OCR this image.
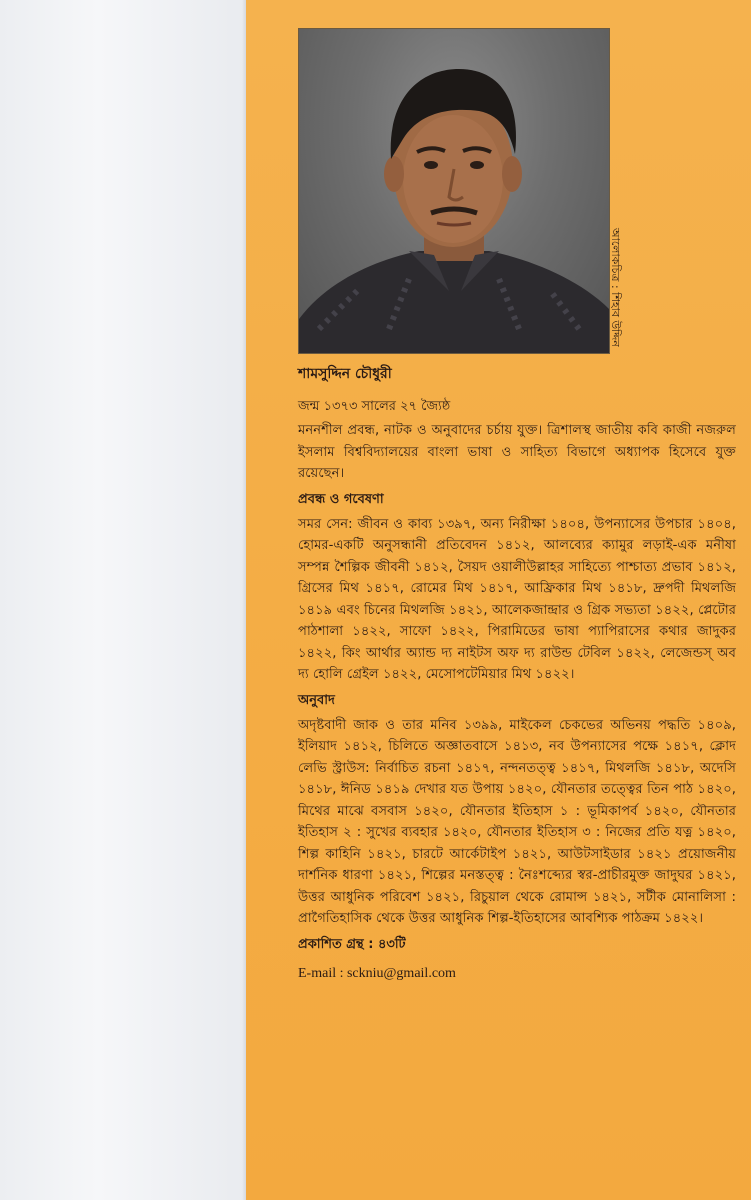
আলোকচিত্র : শিহাব উদ্দিন

শামসুদ্দিন চৌধুরী

জন্ম ১৩৭৩ সালের ২৭ জ্যৈষ্ঠ

মননশীল প্রবন্ধ, নাটক ও অনুবাদের চর্চায় যুক্ত। ত্রিশালস্থ জাতীয় কবি কাজী নজরুল ইসলাম বিশ্ববিদ্যালয়ের বাংলা ভাষা ও সাহিত্য বিভাগে অধ্যাপক হিসেবে যুক্ত রয়েছেন।

প্রবন্ধ ও গবেষণা

সমর সেন: জীবন ও কাব্য ১৩৯৭, অন্য নিরীক্ষা ১৪০৪, উপন্যাসের উপচার ১৪০৪, হোমর-একটি অনুসন্ধানী প্রতিবেদন ১৪১২, আলব্যের ক্যামুর লড়াই-এক মনীষা সম্পন্ন শৈল্পিক জীবনী ১৪১২, সৈয়দ ওয়ালীউল্লাহর সাহিত্যে পাশ্চাত্য প্রভাব ১৪১২, গ্রিসের মিথ ১৪১৭, রোমের মিথ ১৪১৭, আফ্রিকার মিথ ১৪১৮, দ্রুপদী মিথলজি ১৪১৯ এবং চিনের মিথলজি ১৪২১, আলেকজান্দ্রার ও গ্রিক সভ্যতা ১৪২২, প্লেটোর পাঠশালা ১৪২২, সাফো ১৪২২, পিরামিডের ভাষা প্যাপিরাসের কথার জাদুকর ১৪২২, কিং আর্থার অ্যান্ড দ্য নাইটস অফ দ্য রাউন্ড টেবিল ১৪২২, লেজেন্ডস্ অব দ্য হোলি গ্রেইল ১৪২২, মেসোপটেমিয়ার মিথ ১৪২২।

অনুবাদ

অদৃষ্টবাদী জাক ও তার মনিব ১৩৯৯, মাইকেল চেকভের অভিনয় পদ্ধতি ১৪০৯, ইলিয়াদ ১৪১২, চিলিতে অজ্ঞাতবাসে ১৪১৩, নব উপন্যাসের পক্ষে ১৪১৭, ক্লোদ লেভি স্ট্রাউস: নির্বাচিত রচনা ১৪১৭, নন্দনতত্ত্ব ১৪১৭, মিথলজি ১৪১৮, অদেসি ১৪১৮, ঈনিড ১৪১৯ দেখার যত উপায় ১৪২০, যৌনতার তত্ত্বের তিন পাঠ ১৪২০, মিথের মাঝে বসবাস ১৪২০, যৌনতার ইতিহাস ১ : ভূমিকাপর্ব ১৪২০, যৌনতার ইতিহাস ২ : সুখের ব্যবহার ১৪২০, যৌনতার ইতিহাস ৩ : নিজের প্রতি যত্ন ১৪২০, শিল্প কাহিনি ১৪২১, চারটে আর্কেটাইপ ১৪২১, আউটসাইডার ১৪২১ প্রয়োজনীয় দার্শনিক ধারণা ১৪২১, শিল্পের মনস্তত্ত্ব : নৈঃশব্দ্যের স্বর-প্রাচীরমুক্ত জাদুঘর ১৪২১, উত্তর আধুনিক পরিবেশ ১৪২১, রিচুয়াল থেকে রোমান্স ১৪২১, সটীক মোনালিসা : প্রাগৈতিহাসিক থেকে উত্তর আধুনিক শিল্প-ইতিহাসের আবশ্যিক পাঠক্রম ১৪২২।

প্রকাশিত গ্রন্থ : ৪৩টি

E-mail : sckniu@gmail.com
